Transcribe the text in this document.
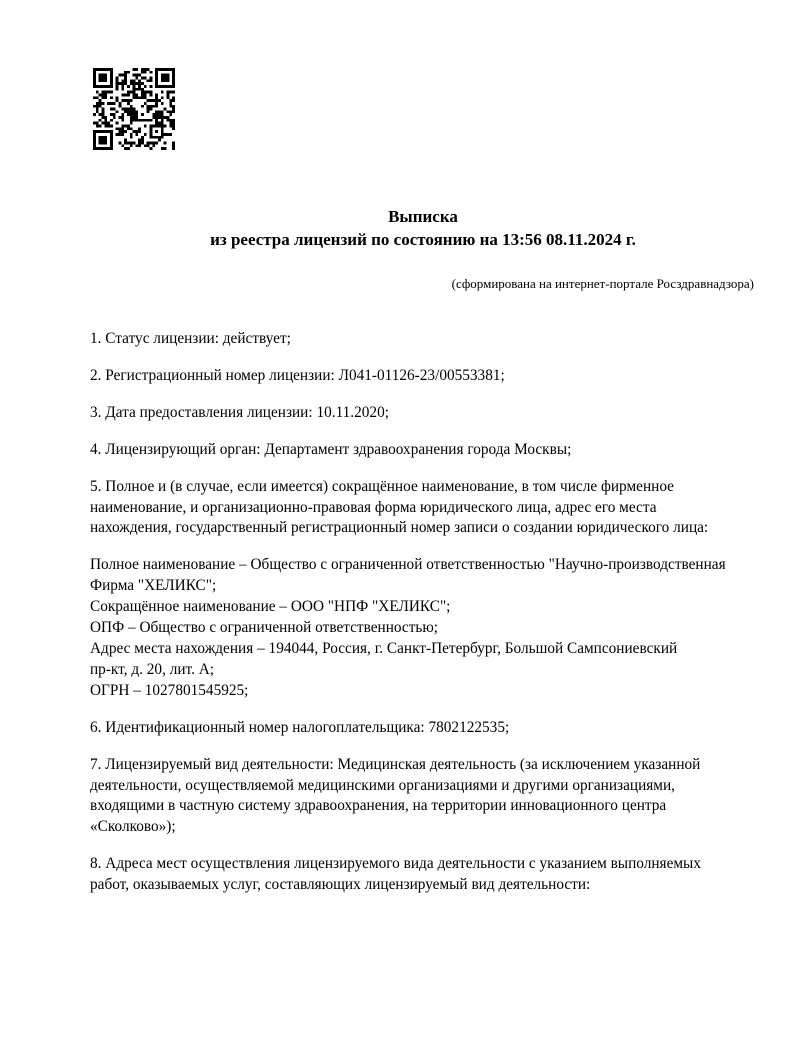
Выписка
из реестра лицензий по состоянию на 13:56 08.11.2024 г.
(сформирована на интернет-портале Росздравнадзора)
1. Статус лицензии: действует;
2. Регистрационный номер лицензии: Л041-01126-23/00553381;
3. Дата предоставления лицензии: 10.11.2020;
4. Лицензирующий орган: Департамент здравоохранения города Москвы;
5. Полное и (в случае, если имеется) сокращённое наименование, в том числе фирменное
наименование, и организационно-правовая форма юридического лица, адрес его места
нахождения, государственный регистрационный номер записи о создании юридического лица:
Полное наименование – Общество с ограниченной ответственностью "Научно-производственная
Фирма "ХЕЛИКС";
Сокращённое наименование – ООО "НПФ "ХЕЛИКС";
ОПФ – Общество с ограниченной ответственностью;
Адрес места нахождения – 194044, Россия, г. Санкт-Петербург, Большой Сампсониевский
пр-кт, д. 20, лит. А;
ОГРН – 1027801545925;
6. Идентификационный номер налогоплательщика: 7802122535;
7. Лицензируемый вид деятельности: Медицинская деятельность (за исключением указанной
деятельности, осуществляемой медицинскими организациями и другими организациями,
входящими в частную систему здравоохранения, на территории инновационного центра
«Сколково»);
8. Адреса мест осуществления лицензируемого вида деятельности с указанием выполняемых
работ, оказываемых услуг, составляющих лицензируемый вид деятельности:
